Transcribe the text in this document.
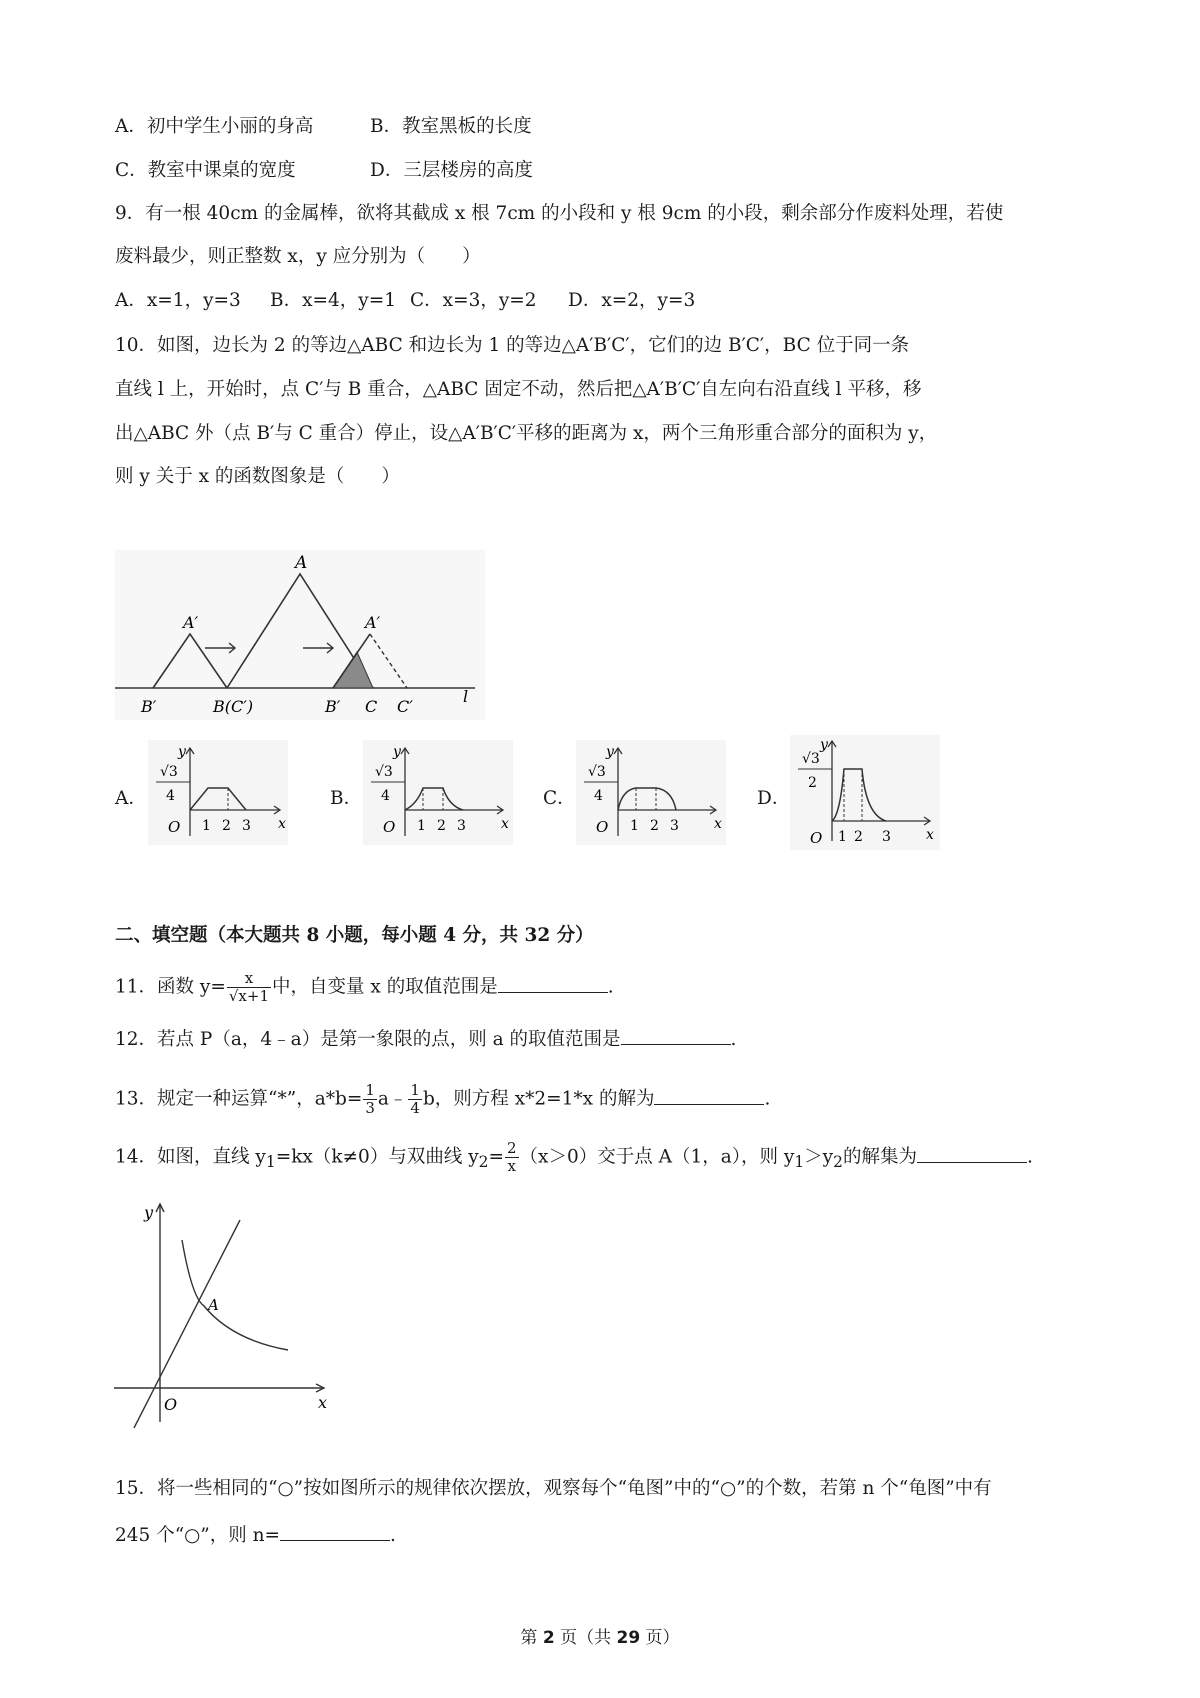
A．初中学生小丽的身高	B．教室黑板的长度
C．教室中课桌的宽度	D．三层楼房的高度
9．有一根 40cm 的金属棒，欲将其截成 x 根 7cm 的小段和 y 根 9cm 的小段，剩余部分作废料处理，若使
废料最少，则正整数 x，y 应分别为（　　）
A．x=1，y=3 B．x=4，y=1 C．x=3，y=2 D．x=2，y=3
10．如图，边长为 2 的等边△ABC 和边长为 1 的等边△A′B′C′，它们的边 B′C′，BC 位于同一条
直线 l 上，开始时，点 C′与 B 重合，△ABC 固定不动，然后把△A′B′C′自左向右沿直线 l 平移，移
出△ABC 外（点 B′与 C 重合）停止，设△A′B′C′平移的距离为 x，两个三角形重合部分的面积为 y，
则 y 关于 x 的函数图象是（　　）
A
A′	A′
B′	B(C′)	B′ C C′
l
A．
y
√3
4
O 1 2 3 x
B．
y
√3
4
O 1 2 3	x
C．
y
√3
4
O 1 2 3	x
D．
y
√3
2
O 1 2 3	x
二、填空题（本大题共 8 小题，每小题 4 分，共 32 分）
11．函数 $y= \frac{x}{√x+1}$ 中，自变量 x 的取值范围是	.
12．若点 P（a，4﹣a）是第一象限的点，则 a 的取值范围是	.
13．规定一种运算“*”，$a*b= \frac{1}{3}$ a﹣ $\frac{1}{4}$ b，则方程 x*2=1*x 的解为	.
14．如图，直线 $y_1=kx(k\ne 0)$与双曲线 $y_2= \frac{2}{x} (x>0)$交于点 A（1，a），则 $y_1>y_2$的解集为	.
y
x
O
A
15．将一些相同的“○”按如图所示的规律依次摆放，观察每个“龟图”中的“○”的个数，若第 n 个“龟图”中有
245 个“○”，则 n=	.
第 2 页（共 29 页）
